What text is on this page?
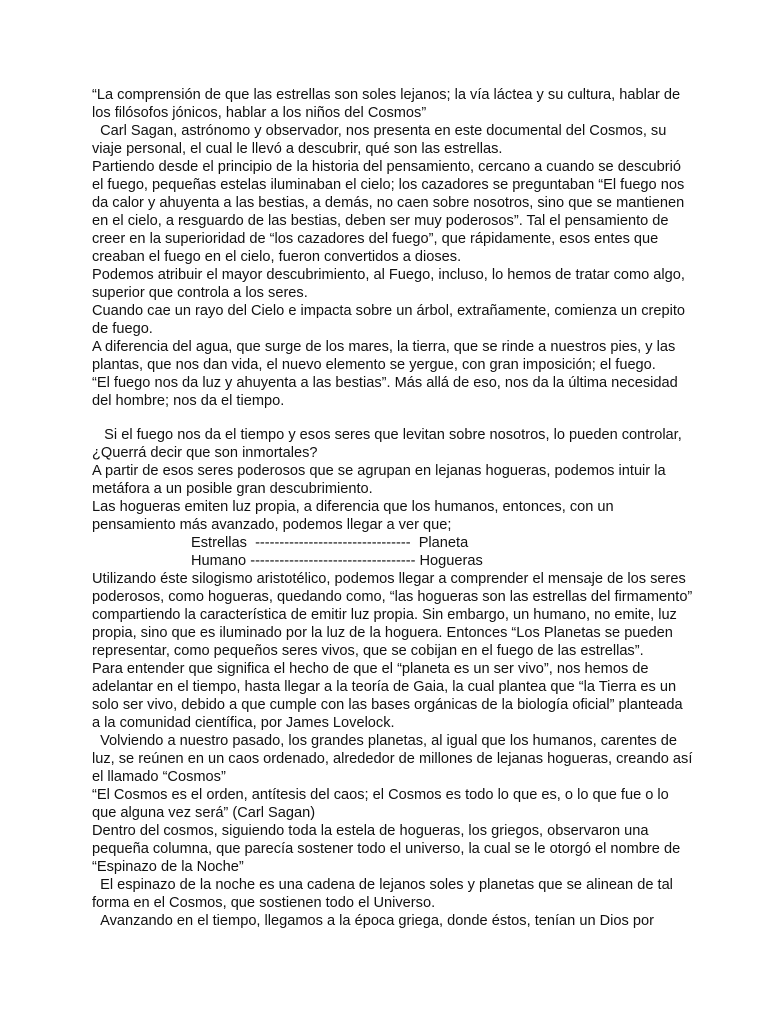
“La comprensión de que las estrellas son soles lejanos; la vía láctea y su cultura, hablar de los filósofos jónicos, hablar a los niños del Cosmos”

Carl Sagan, astrónomo y observador, nos presenta en este documental del Cosmos, su viaje personal, el cual le llevó a descubrir, qué son las estrellas.

Partiendo desde el principio de la historia del pensamiento, cercano a cuando se descubrió el fuego, pequeñas estelas iluminaban el cielo; los cazadores se preguntaban “El fuego nos da calor y ahuyenta a las bestias, a demás, no caen sobre nosotros, sino que se mantienen en el cielo, a resguardo de las bestias, deben ser muy poderosos”. Tal el pensamiento de creer en la superioridad de “los cazadores del fuego”, que rápidamente, esos entes que creaban el fuego en el cielo, fueron convertidos a dioses.

Podemos atribuir el mayor descubrimiento, al Fuego, incluso, lo hemos de tratar como algo, superior que controla a los seres.

Cuando cae un rayo del Cielo e impacta sobre un árbol, extrañamente, comienza un crepito de fuego.

A diferencia del agua, que surge de los mares, la tierra, que se rinde a nuestros pies, y las plantas, que nos dan vida, el nuevo elemento se yergue, con gran imposición; el fuego.

“El fuego nos da luz y ahuyenta a las bestias”. Más allá de eso, nos da la última necesidad del hombre; nos da el tiempo.

Si el fuego nos da el tiempo y esos seres que levitan sobre nosotros, lo pueden controlar, ¿Querrá decir que son inmortales?

A partir de esos seres poderosos que se agrupan en lejanas hogueras, podemos intuir la metáfora a un posible gran descubrimiento.

Las hogueras emiten luz propia, a diferencia que los humanos, entonces, con un pensamiento más avanzado, podemos llegar a ver que;

Estrellas  --------------------------------  Planeta

Humano ---------------------------------- Hogueras

Utilizando éste silogismo aristotélico, podemos llegar a comprender el mensaje de los seres poderosos, como hogueras, quedando como, “las hogueras son las estrellas del firmamento” compartiendo la característica de emitir luz propia. Sin embargo, un humano, no emite, luz propia, sino que es iluminado por la luz de la hoguera. Entonces “Los Planetas se pueden representar, como pequeños seres vivos, que se cobijan en el fuego de las estrellas”.

Para entender que significa el hecho de que el “planeta es un ser vivo”, nos hemos de adelantar en el tiempo, hasta llegar a la teoría de Gaia, la cual plantea que “la Tierra es un solo ser vivo, debido a que cumple con las bases orgánicas de la biología oficial” planteada a la comunidad científica, por James Lovelock.

Volviendo a nuestro pasado, los grandes planetas, al igual que los humanos, carentes de luz, se reúnen en un caos ordenado, alrededor de millones de lejanas hogueras, creando así el llamado “Cosmos”

“El Cosmos es el orden, antítesis del caos; el Cosmos es todo lo que es, o lo que fue o lo que alguna vez será” (Carl Sagan)

Dentro del cosmos, siguiendo toda la estela de hogueras, los griegos, observaron una pequeña columna, que parecía sostener todo el universo, la cual se le otorgó el nombre de “Espinazo de la Noche”

El espinazo de la noche es una cadena de lejanos soles y planetas que se alinean de tal forma en el Cosmos, que sostienen todo el Universo.

Avanzando en el tiempo, llegamos a la época griega, donde éstos, tenían un Dios por
